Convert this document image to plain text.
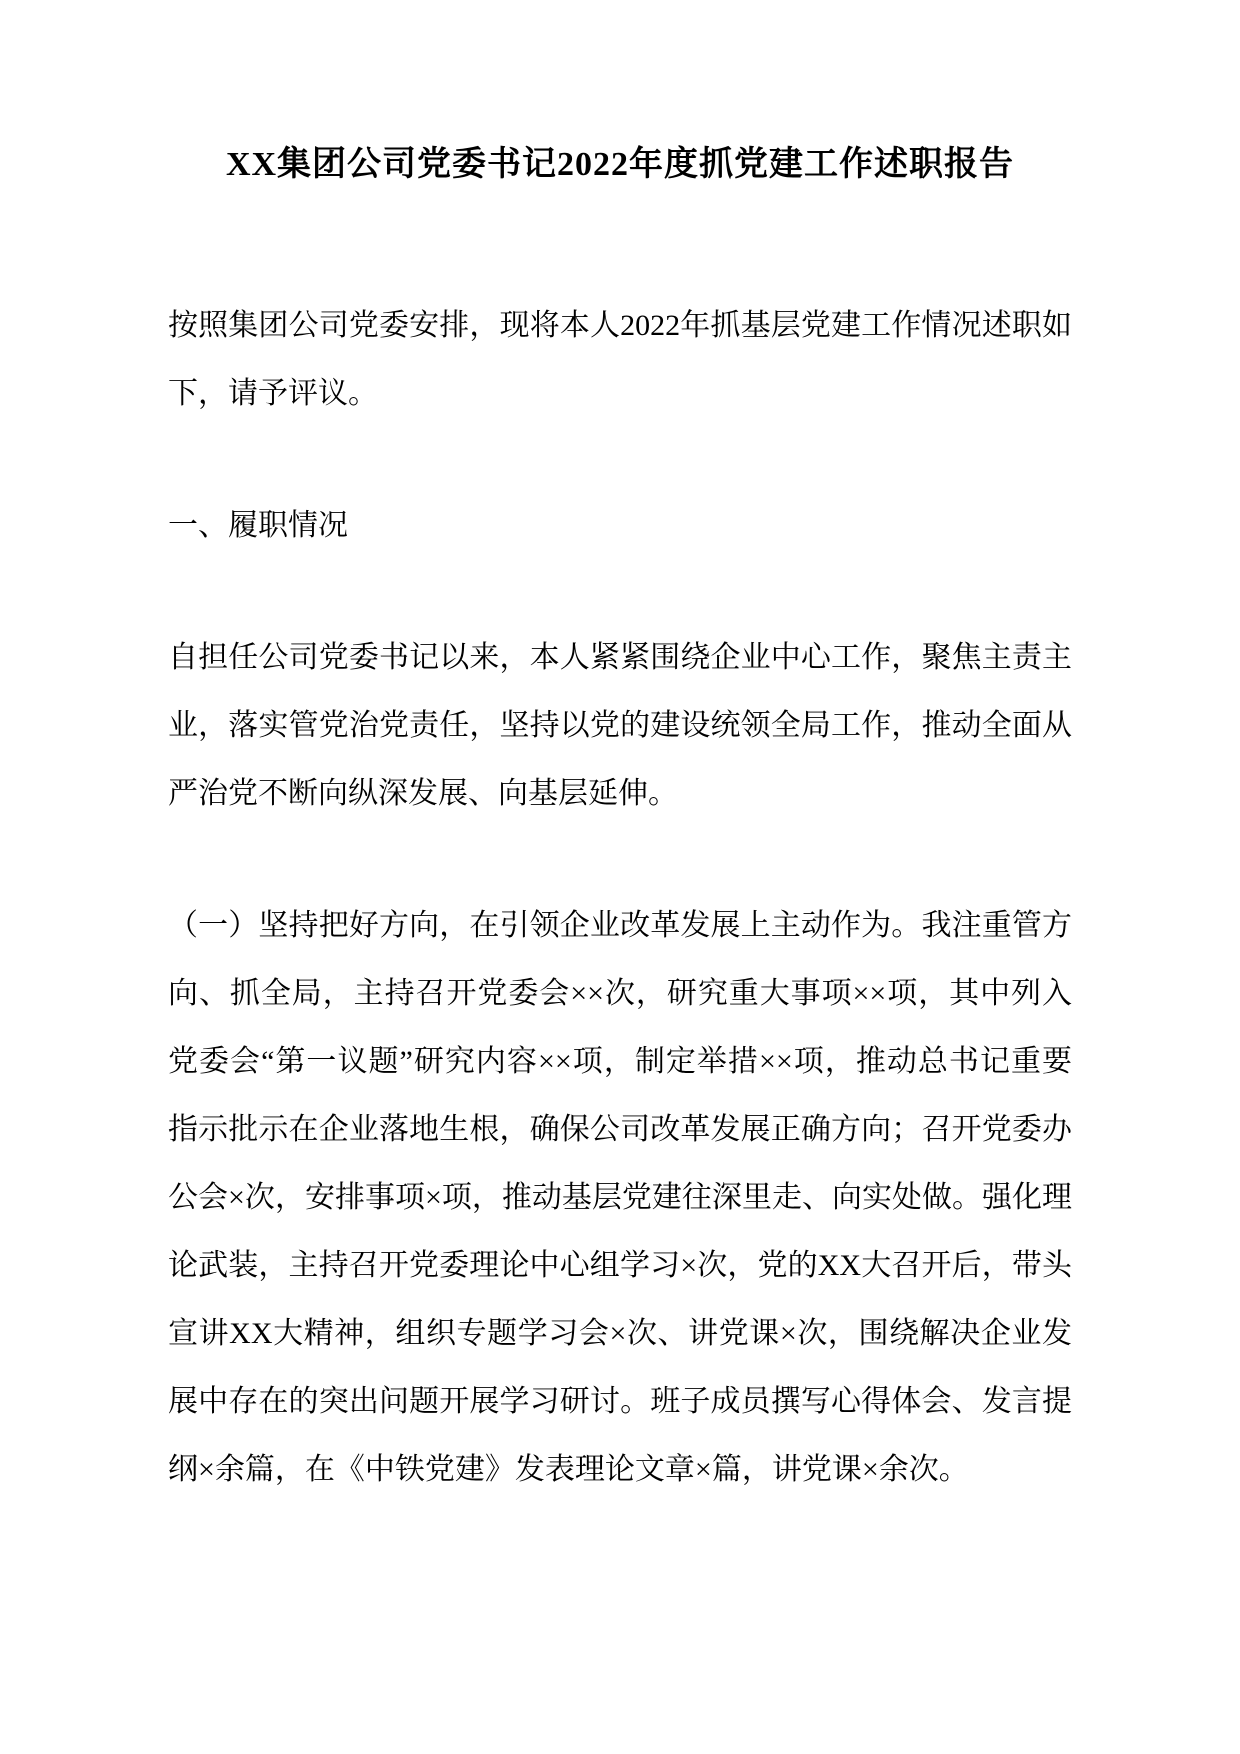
XX集团公司党委书记2022年度抓党建工作述职报告

按照集团公司党委安排，现将本人2022年抓基层党建工作情况述职如下，请予评议。

一、履职情况

自担任公司党委书记以来，本人紧紧围绕企业中心工作，聚焦主责主业，落实管党治党责任，坚持以党的建设统领全局工作，推动全面从严治党不断向纵深发展、向基层延伸。

（一）坚持把好方向，在引领企业改革发展上主动作为。我注重管方向、抓全局，主持召开党委会××次，研究重大事项××项，其中列入党委会“第一议题”研究内容××项，制定举措××项，推动总书记重要指示批示在企业落地生根，确保公司改革发展正确方向；召开党委办公会×次，安排事项×项，推动基层党建往深里走、向实处做。强化理论武装，主持召开党委理论中心组学习×次，党的XX大召开后，带头宣讲XX大精神，组织专题学习会×次、讲党课×次，围绕解决企业发展中存在的突出问题开展学习研讨。班子成员撰写心得体会、发言提纲×余篇，在《中铁党建》发表理论文章×篇，讲党课×余次。
